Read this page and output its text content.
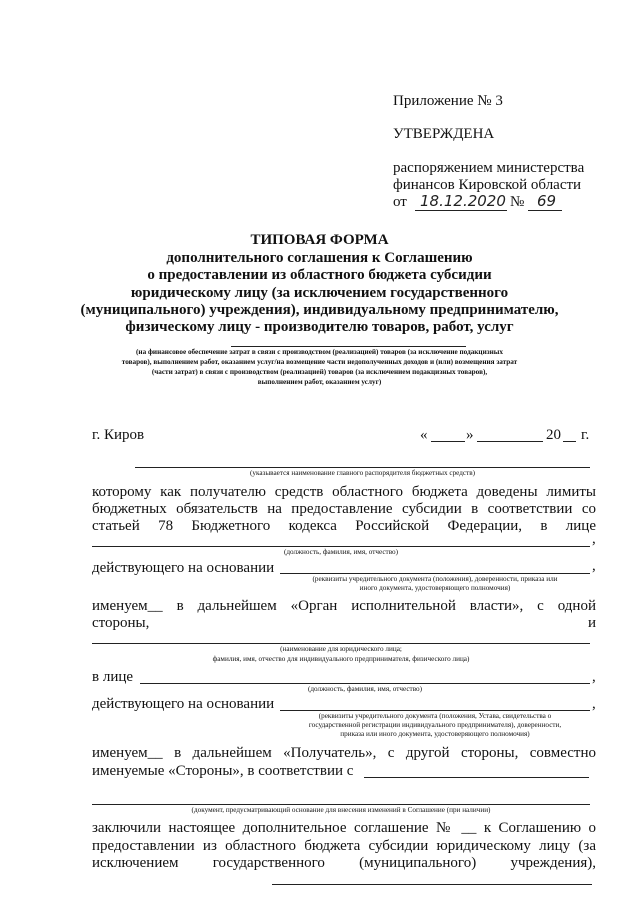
Приложение № 3
УТВЕРЖДЕНА
распоряжением министерства
финансов Кировской области
от 18.12.2020 № 69
ТИПОВАЯ ФОРМА
дополнительного соглашения к Соглашению
о предоставлении из областного бюджета субсидии
юридическому лицу (за исключением государственного
(муниципального) учреждения), индивидуальному предпринимателю,
физическому лицу - производителю товаров, работ, услуг
(на финансовое обеспечение затрат в связи с производством (реализацией) товаров (за исключение подакцизных
товаров), выполнением работ, оказанием услуг/на возмещение части недополученных доходов и (или) возмещения затрат
(части затрат) в связи с производством (реализацией) товаров (за исключением подакцизных товаров),
выполнением работ, оказанием услуг)
г. Киров	«	»	20 г.
(указывается наименование главного распорядителя бюджетных средств)
которому как получателю средств областного бюджета доведены лимиты
бюджетных обязательств на предоставление субсидии в соответствии со
статьей 78 Бюджетного кодекса Российской Федерации, в лице
,
(должность, фамилия, имя, отчество)
действующего на основании	,
(реквизиты учредительного документа (положения), доверенности, приказа или
иного документа, удостоверяющего полномочия)
именуем__ в дальнейшем «Орган исполнительной власти», с одной
стороны,	и
(наименование для юридического лица;
фамилия, имя, отчество для индивидуального предпринимателя, физического лица)
в лице	,
(должность, фамилия, имя, отчество)
действующего на основании	,
(реквизиты учредительного документа (положения, Устава, свидетельства о
государственной регистрации индивидуального предпринимателя), доверенности,
приказа или иного документа, удостоверяющего полномочия)
именуем__ в дальнейшем «Получатель», с другой стороны, совместно
именуемые «Стороны», в соответствии с
(документ, предусматривающий основание для внесения изменений в Соглашение (при наличии)
заключили настоящее дополнительное соглашение № __ к Соглашению о
предоставлении из областного бюджета субсидии юридическому лицу (за
исключением государственного (муниципального) учреждения),
